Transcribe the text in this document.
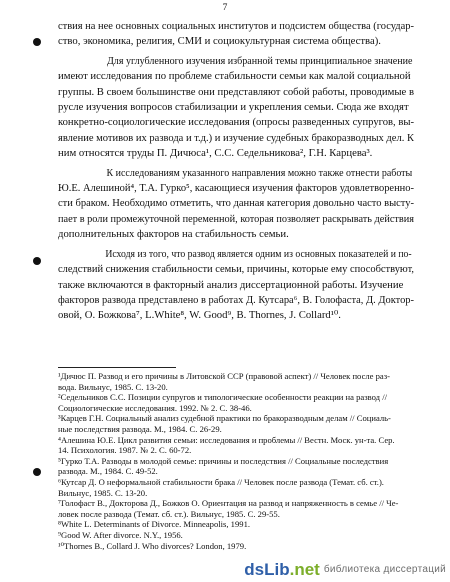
7
ствия на нее основных социальных институтов и подсистем общества (государ-
ство, экономика, религия, СМИ и социокультурная система общества).
Для углубленного изучения избранной темы принципиальное значение
имеют исследования по проблеме стабильности семьи как малой социальной
группы. В своем большинстве они представляют собой работы, проводимые в
русле изучения вопросов стабилизации и укрепления семьи. Сюда же входят
конкретно-социологические исследования (опросы разведенных супругов, вы-
явление мотивов их развода и т.д.) и изучение судебных бракоразводных дел. К
ним относятся труды П. Дичюса¹, С.С. Седельникова², Г.Н. Карцева³.
К исследованиям указанного направления можно также отнести работы
Ю.Е. Алешиной⁴, Т.А. Гурко⁵, касающиеся изучения факторов удовлетворенно-
сти браком. Необходимо отметить, что данная категория довольно часто высту-
пает в роли промежуточной переменной, которая позволяет раскрывать действия
дополнительных факторов на стабильность семьи.
Исходя из того, что развод является одним из основных показателей и по-
следствий снижения стабильности семьи, причины, которые ему способствуют,
также включаются в факторный анализ диссертационной работы. Изучение
факторов развода представлено в работах Д. Кутсара⁶, В. Голофаста, Д. Доктор-
овой, О. Божкова⁷, L.White⁸, W. Good⁹, B. Thornes, J. Collard¹⁰.
¹Дичюс П. Развод и его причины в Литовской ССР (правовой аспект) // Человек после раз-
вода. Вильнус, 1985. С. 13-20.
²Седельников С.С. Позиции супругов и типологические особенности реакции на развод //
Социологические исследования. 1992. № 2. С. 38-46.
³Карцев Г.Н. Социальный анализ судебной практики по бракоразводным делам // Социаль-
ные последствия развода. М., 1984. С. 26-29.
⁴Алешина Ю.Е. Цикл развития семьи: исследования и проблемы // Вестн. Моск. ун-та. Сер.
14. Психология. 1987. № 2. С. 60-72.
⁵Гурко Т.А. Разводы в молодой семье: причины и последствия // Социальные последствия
развода. М., 1984. С. 49-52.
⁶Кутсар Д. О неформальной стабильности брака // Человек после развода (Темат. сб. ст.).
Вильнус, 1985. С. 13-20.
⁷Голофаст В., Докторова Д., Божков О. Ориентация на развод и напряженность в семье // Че-
ловек после развода (Темат. сб. ст.). Вильнус, 1985. С. 29-55.
⁸White L. Determinants of Divorce. Minneapolis, 1991.
⁹Good W. After divorce. N.Y., 1956.
¹⁰Thornes B., Collard J. Who divorces? London, 1979.
dsLib.net библиотека диссертаций
